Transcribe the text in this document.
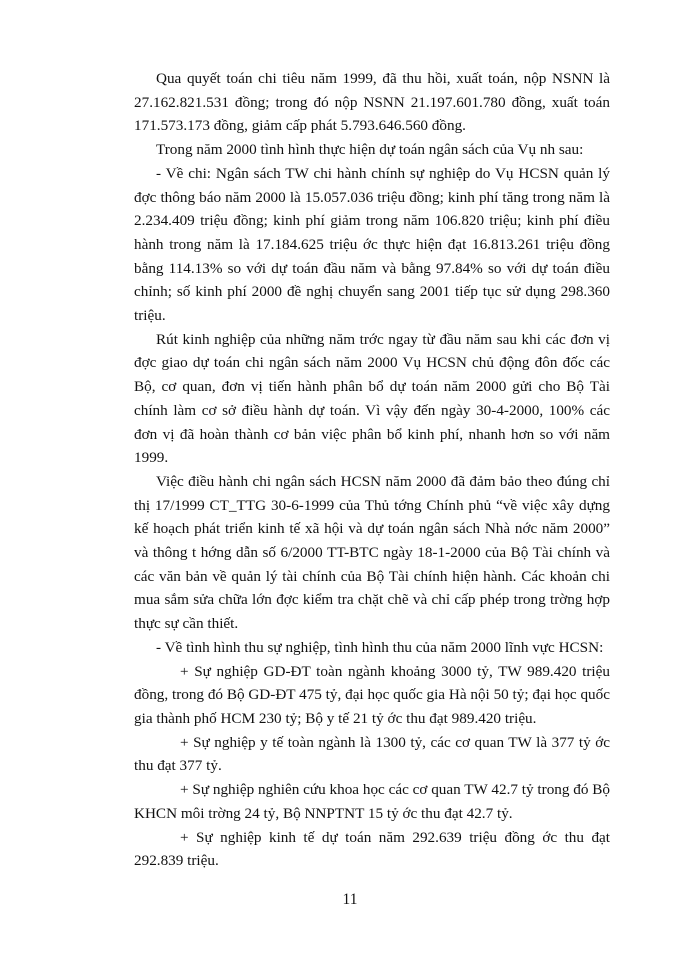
Qua quyết toán chi tiêu năm 1999, đã thu hồi, xuất toán, nộp NSNN là 27.162.821.531 đồng; trong đó nộp NSNN 21.197.601.780 đồng, xuất toán 171.573.173 đồng, giảm cấp phát 5.793.646.560 đồng.

Trong năm 2000 tình hình thực hiện dự toán ngân sách của Vụ nh sau:

- Về chi: Ngân sách TW chi hành chính sự nghiệp do Vụ HCSN quản lý đợc thông báo năm 2000 là 15.057.036 triệu đồng; kinh phí tăng trong năm là 2.234.409 triệu đồng; kinh phí giảm trong năm 106.820 triệu; kinh phí điều hành trong năm là 17.184.625 triệu ớc thực hiện đạt 16.813.261 triệu đồng bằng 114.13% so với dự toán đầu năm và bằng 97.84% so với dự toán điều chỉnh; số kinh phí 2000 đề nghị chuyển sang 2001 tiếp tục sử dụng 298.360 triệu.

Rút kinh nghiệp của những năm trớc ngay từ đầu năm sau khi các đơn vị đợc giao dự toán chi ngân sách năm 2000 Vụ HCSN chủ động đôn đốc các Bộ, cơ quan, đơn vị tiến hành phân bổ dự toán năm 2000 gửi cho Bộ Tài chính làm cơ sở điều hành dự toán. Vì vậy đến ngày 30-4-2000, 100% các đơn vị đã hoàn thành cơ bản việc phân bổ kinh phí, nhanh hơn so với năm 1999.

Việc điều hành chi ngân sách HCSN năm 2000 đã đảm bảo theo đúng chỉ thị 17/1999 CT_TTG 30-6-1999 của Thủ tớng Chính phủ “về việc xây dựng kế hoạch phát triển kinh tế xã hội và dự toán ngân sách Nhà nớc năm 2000” và thông t hớng dẫn số 6/2000 TT-BTC ngày 18-1-2000 của Bộ Tài chính và các văn bản về quản lý tài chính của Bộ Tài chính hiện hành. Các khoản chi mua sắm sửa chữa lớn đợc kiểm tra chặt chẽ và chỉ cấp phép trong trờng hợp thực sự cần thiết.

- Về tình hình thu sự nghiệp, tình hình thu của năm 2000 lĩnh vực HCSN:

+ Sự nghiệp GD-ĐT toàn ngành khoảng 3000 tỷ, TW 989.420 triệu đồng, trong đó Bộ GD-ĐT 475 tỷ, đại học quốc gia Hà nội 50 tỷ; đại học quốc gia thành phố HCM 230 tỷ; Bộ y tế 21 tỷ ớc thu đạt 989.420 triệu.

+ Sự nghiệp y tế toàn ngành là 1300 tỷ, các cơ quan TW là 377 tỷ ớc thu đạt 377 tỷ.

+ Sự nghiệp nghiên cứu khoa học các cơ quan TW 42.7 tỷ trong đó Bộ KHCN môi trờng 24 tỷ, Bộ NNPTNT 15 tỷ ớc thu đạt 42.7 tỷ.

+ Sự nghiệp kinh tế dự toán năm 292.639 triệu đồng ớc thu đạt 292.839 triệu.

11
